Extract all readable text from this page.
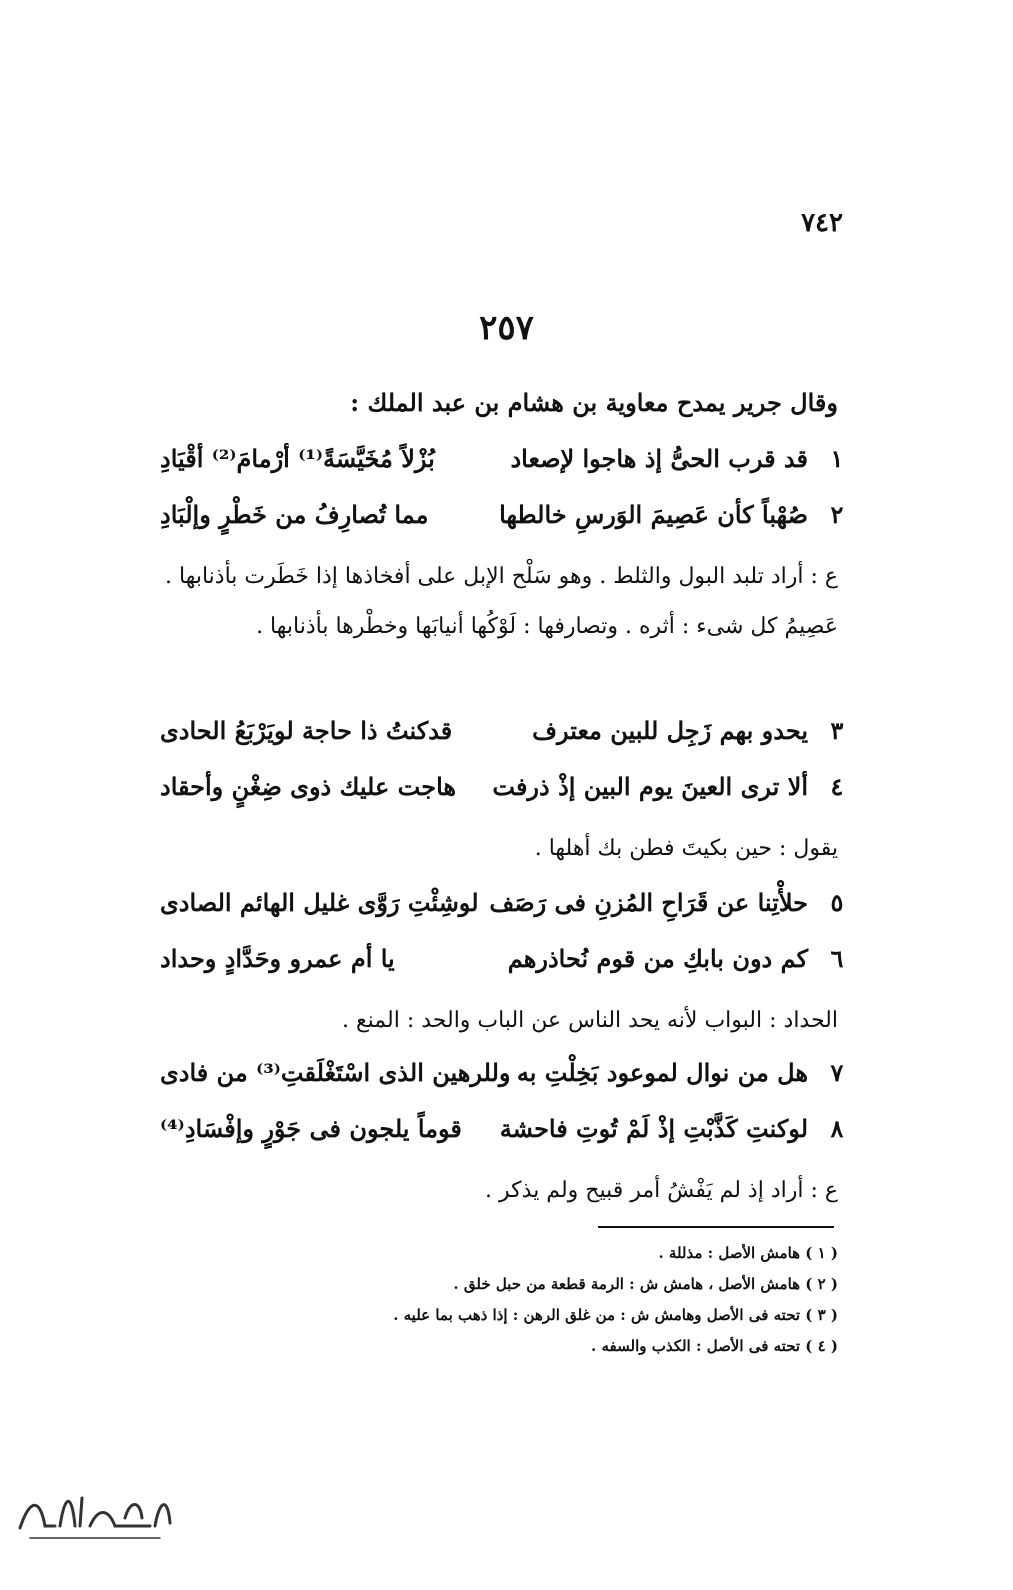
٧٤٢
٢٥٧
وقال جرير يمدح معاوية بن هشام بن عبد الملك :
١
قد قرب الحىُّ إذ هاجوا لإصعاد
بُزْلاً مُخَيَّسَةً⁽¹⁾ أرْمامَ⁽²⁾ أقْيَادِ
٢
صُهْباً كأن عَصِيمَ الوَرسِ خالطها
مما تُصارِفُ من خَطْرٍ وإلْبَادِ
ع : أراد تلبد البول والثلط . وهو سَلْح الإبل على أفخاذها إذا خَطَرت بأذنابها . عَصِيمُ كل شىء : أثره . وتصارفها : لَوْكُها أنيابَها وخطْرها بأذنابها .
٣
يحدو بهم زَجِل للبين معترف
قدكنتُ ذا حاجة لويَرْبَعُ الحادى
٤
ألا ترى العينَ يوم البين إذْ ذرفت
هاجت عليك ذوى ضِغْنٍ وأحقاد
يقول : حين بكيتَ فطن بك أهلها .
٥
حلأْتِنا عن قَرَاحِ المُزنِ فى رَصَف
لوشِئْتِ رَوَّى غليل الهائم الصادى
٦
كم دون بابكِ من قوم نُحاذرهم
يا أم عمرو وحَدَّادٍ وحداد
الحداد : البواب لأنه يحد الناس عن الباب والحد : المنع .
٧
هل من نوال لموعود بَخِلْتِ به
وللرهين الذى اسْتَغْلَقتِ⁽³⁾ من فادى
٨
لوكنتِ كَذَّبْتِ إذْ لَمْ تُوتِ فاحشة
قوماً يلجون فى جَوْرٍ وإفْسَادِ⁽⁴⁾
ع : أراد إذ لم يَفْشُ أمر قبيح ولم يذكر .
( ١ ) هامش الأصل : مذللة .
( ٢ ) هامش الأصل ، هامش ش : الرمة قطعة من حبل خلق .
( ٣ ) تحته فى الأصل وهامش ش : من غلق الرهن : إذا ذهب بما عليه .
( ٤ ) تحته فى الأصل : الكذب والسفه .
